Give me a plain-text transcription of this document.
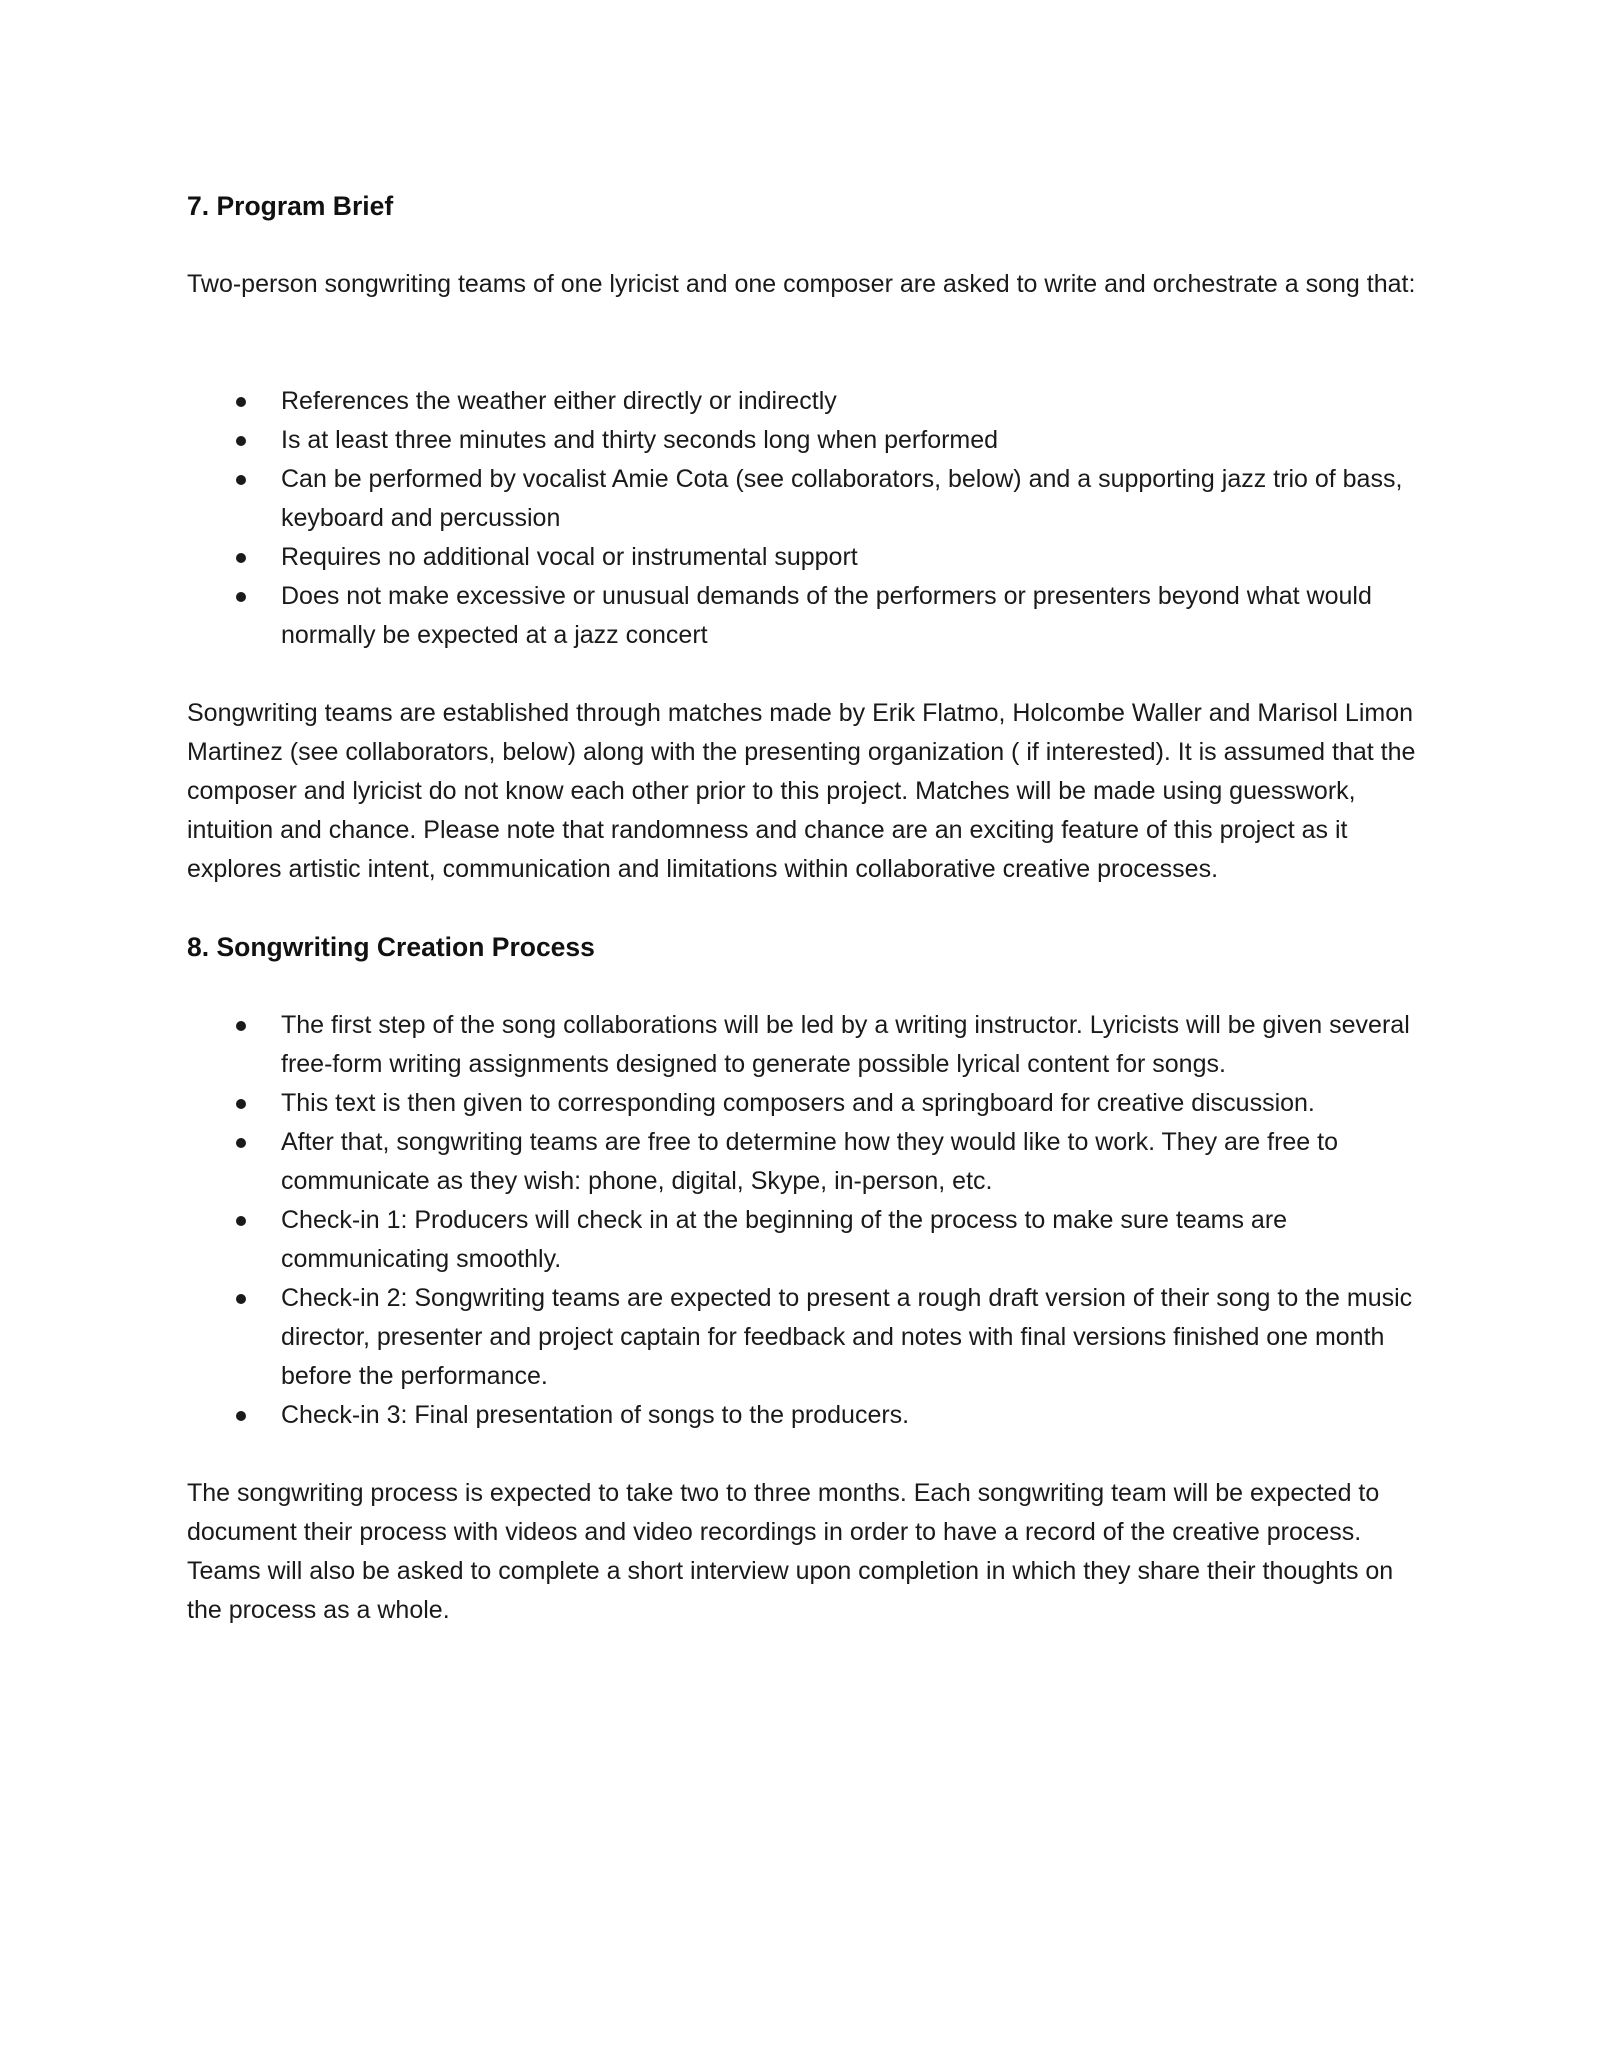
7. Program Brief

Two-person songwriting teams of one lyricist and one composer are asked to write and orchestrate a song that:

References the weather either directly or indirectly
Is at least three minutes and thirty seconds long when performed
Can be performed by vocalist Amie Cota (see collaborators, below) and a supporting jazz trio of bass, keyboard and percussion
Requires no additional vocal or instrumental support
Does not make excessive or unusual demands of the performers or presenters beyond what would normally be expected at a jazz concert

Songwriting teams are established through matches made by Erik Flatmo, Holcombe Waller and Marisol Limon Martinez (see collaborators, below) along with the presenting organization ( if interested). It is assumed that the composer and lyricist do not know each other prior to this project. Matches will be made using guesswork, intuition and chance. Please note that randomness and chance are an exciting feature of this project as it explores artistic intent, communication and limitations within collaborative creative processes.

8. Songwriting Creation Process
The first step of the song collaborations will be led by a writing instructor. Lyricists will be given several free-form writing assignments designed to generate possible lyrical content for songs.
This text is then given to corresponding composers and a springboard for creative discussion.
After that, songwriting teams are free to determine how they would like to work. They are free to communicate as they wish: phone, digital, Skype, in-person, etc.
Check-in 1: Producers will check in at the beginning of the process to make sure teams are communicating smoothly.
Check-in 2: Songwriting teams are expected to present a rough draft version of their song to the music director, presenter and project captain for feedback and notes with final versions finished one month before the performance.
Check-in 3: Final presentation of songs to the producers.

The songwriting process is expected to take two to three months. Each songwriting team will be expected to document their process with videos and video recordings in order to have a record of the creative process. Teams will also be asked to complete a short interview upon completion in which they share their thoughts on the process as a whole.
